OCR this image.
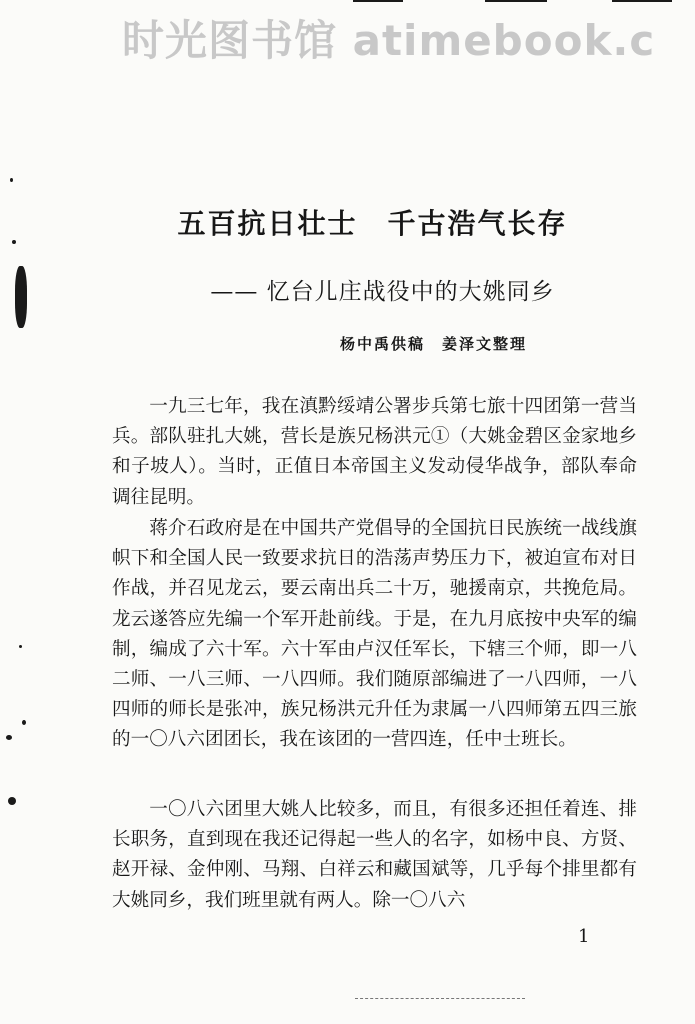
时光图书馆 atimebook.c
五百抗日壮士　千古浩气长存
—— 忆台儿庄战役中的大姚同乡
杨中禹供稿　姜泽文整理

一九三七年，我在滇黔绥靖公署步兵第七旅十四团第一营当兵。部队驻扎大姚，营长是族兄杨洪元①（大姚金碧区金家地乡和子坡人）。当时，正值日本帝国主义发动侵华战争，部队奉命调往昆明。

蒋介石政府是在中国共产党倡导的全国抗日民族统一战线旗帜下和全国人民一致要求抗日的浩荡声势压力下，被迫宣布对日作战，并召见龙云，要云南出兵二十万，驰援南京，共挽危局。龙云遂答应先编一个军开赴前线。于是，在九月底按中央军的编制，编成了六十军。六十军由卢汉任军长，下辖三个师，即一八二师、一八三师、一八四师。我们随原部编进了一八四师，一八四师的师长是张冲，族兄杨洪元升任为隶属一八四师第五四三旅的一〇八六团团长，我在该团的一营四连，任中士班长。

一〇八六团里大姚人比较多，而且，有很多还担任着连、排长职务，直到现在我还记得起一些人的名字，如杨中良、方贤、赵开禄、金仲刚、马翔、白祥云和藏国斌等，几乎每个排里都有大姚同乡，我们班里就有两人。除一〇八六

1
